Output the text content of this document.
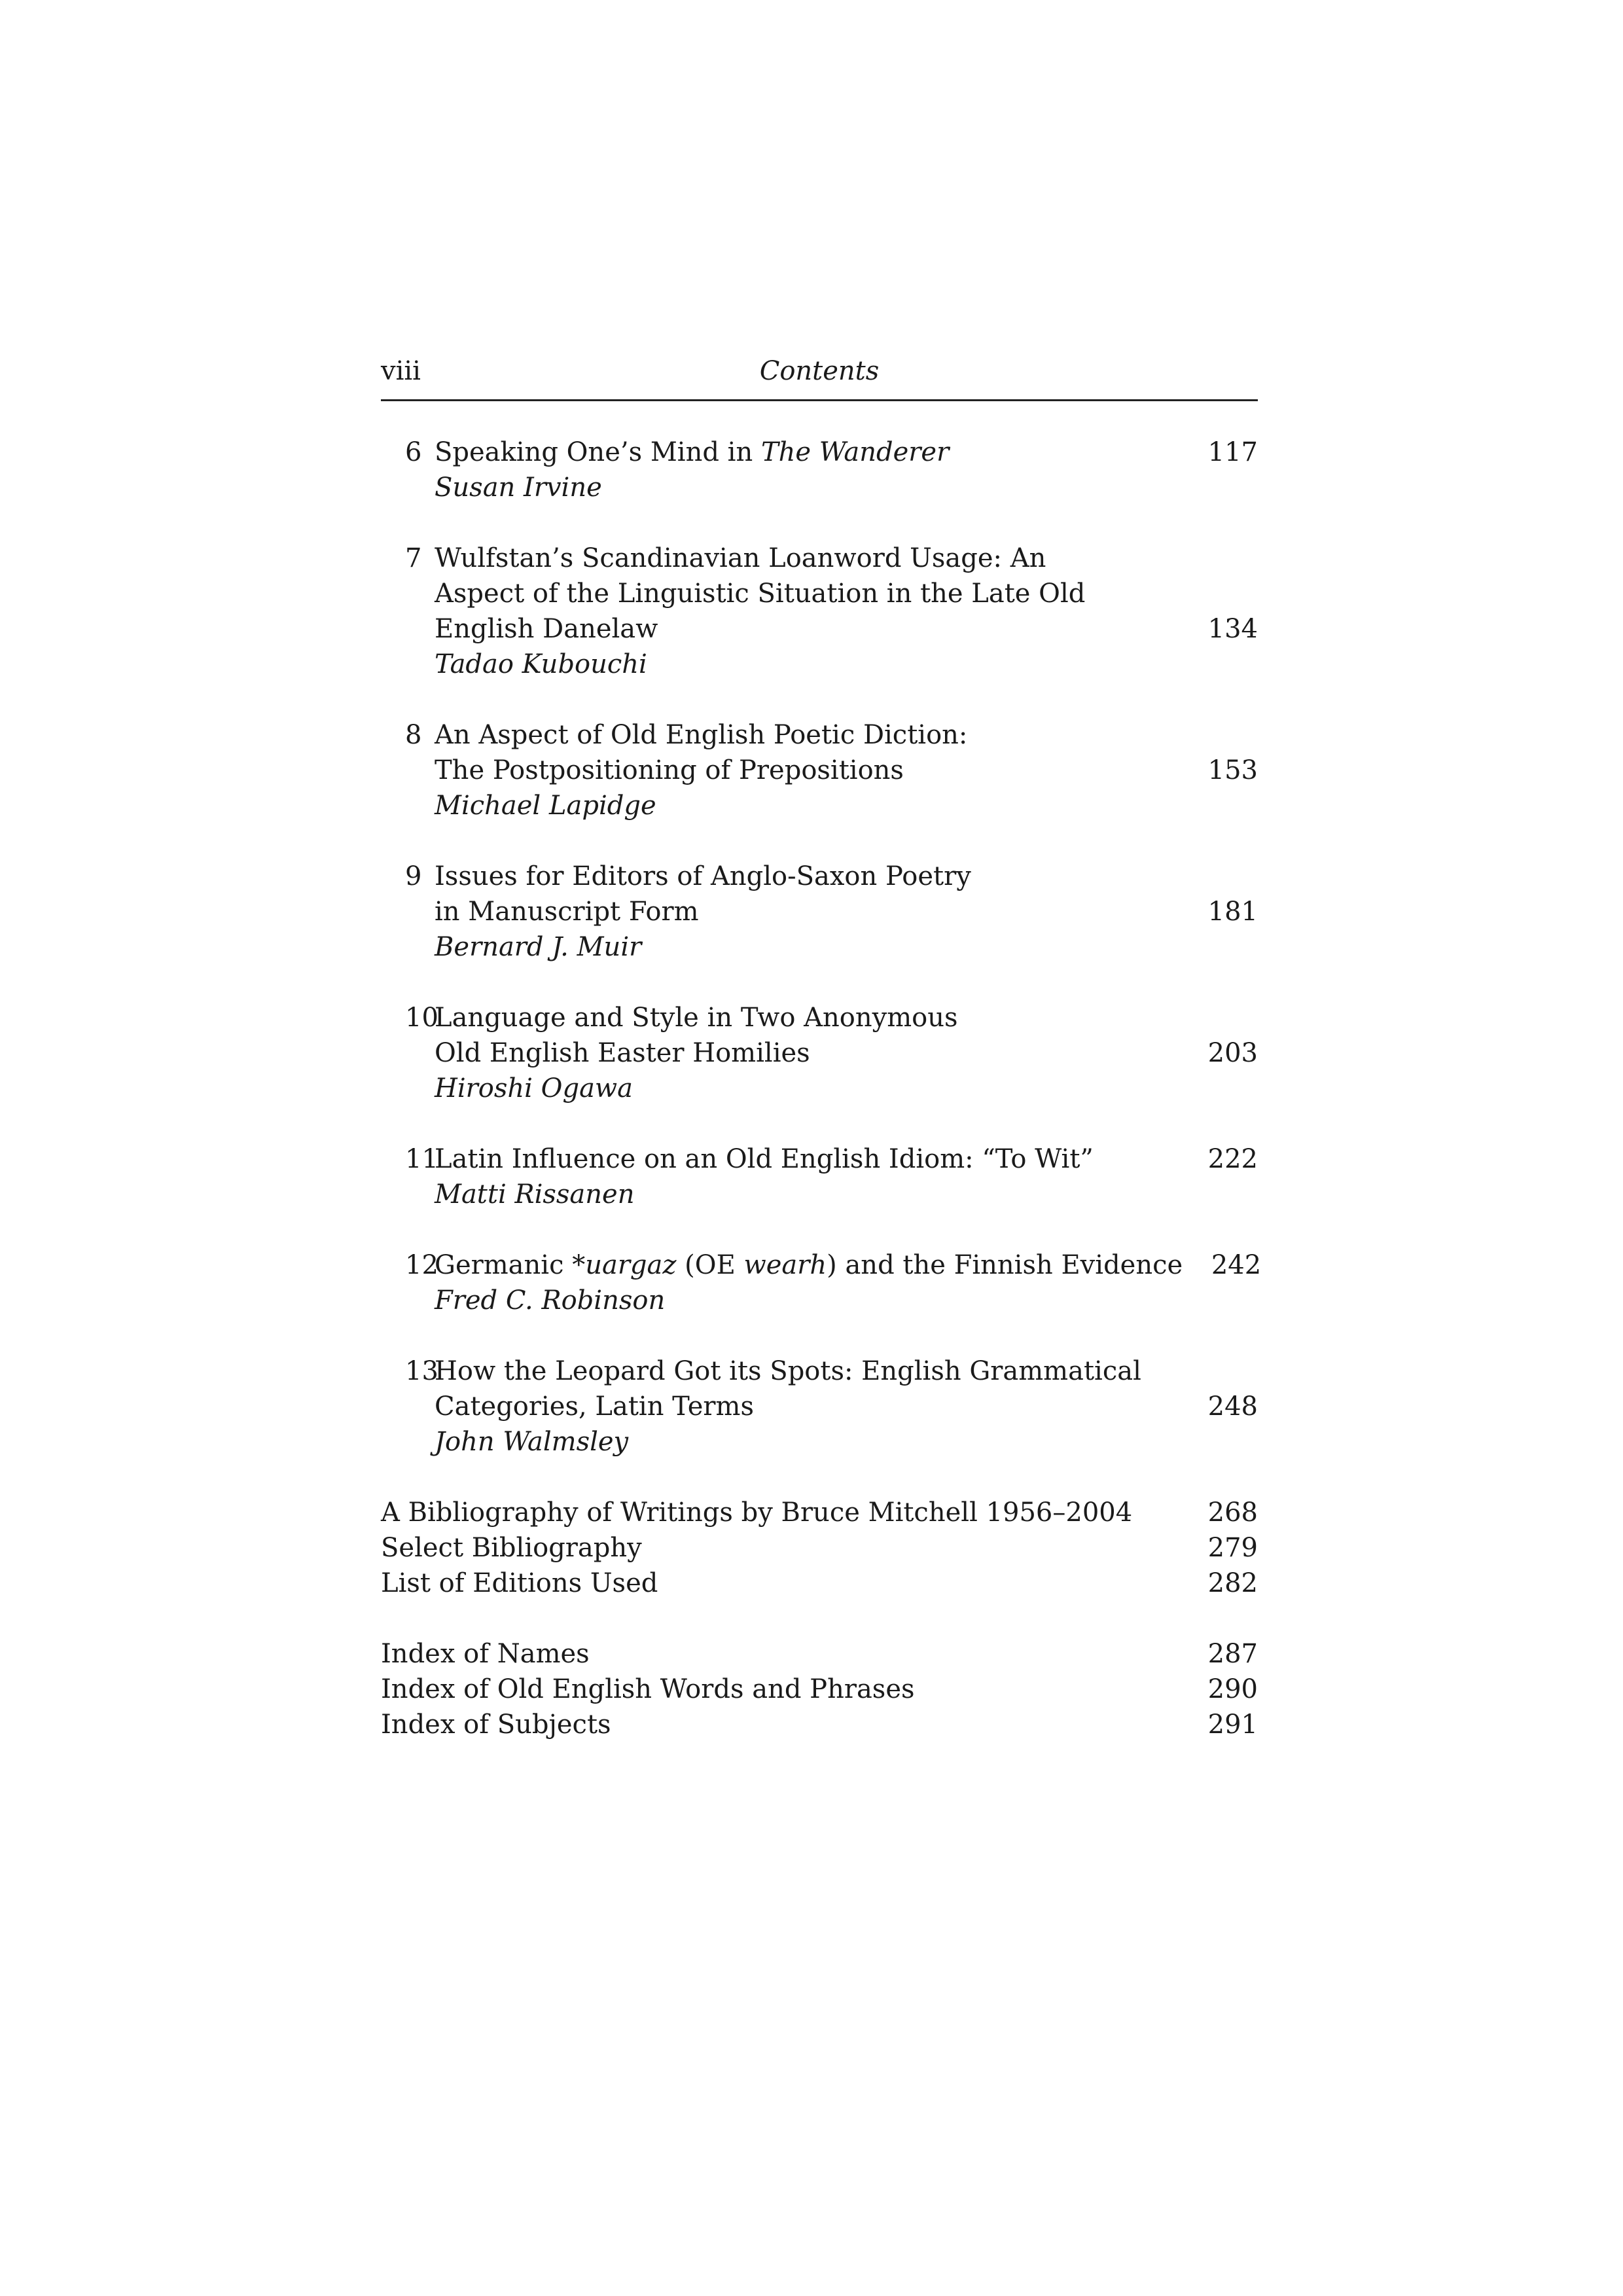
viii	Contents
6 Speaking One’s Mind in The Wanderer	117
Susan Irvine
7 Wulfstan’s Scandinavian Loanword Usage: An
Aspect of the Linguistic Situation in the Late Old
English Danelaw	134
Tadao Kubouchi
8 An Aspect of Old English Poetic Diction:
The Postpositioning of Prepositions	153
Michael Lapidge
9 Issues for Editors of Anglo-Saxon Poetry
in Manuscript Form	181
Bernard J. Muir
10
Language and Style in Two Anonymous
Old English Easter Homilies	203
Hiroshi Ogawa
11
Latin Influence on an Old English Idiom: “To Wit”	222
Matti Rissanen
12
Germanic *uargaz (OE wearh) and the Finnish Evidence	242
Fred C. Robinson
13
How the Leopard Got its Spots: English Grammatical
Categories, Latin Terms	248
John Walmsley
A Bibliography of Writings by Bruce Mitchell 1956–2004	268
Select Bibliography	279
List of Editions Used	282
Index of Names	287
Index of Old English Words and Phrases	290
Index of Subjects	291
